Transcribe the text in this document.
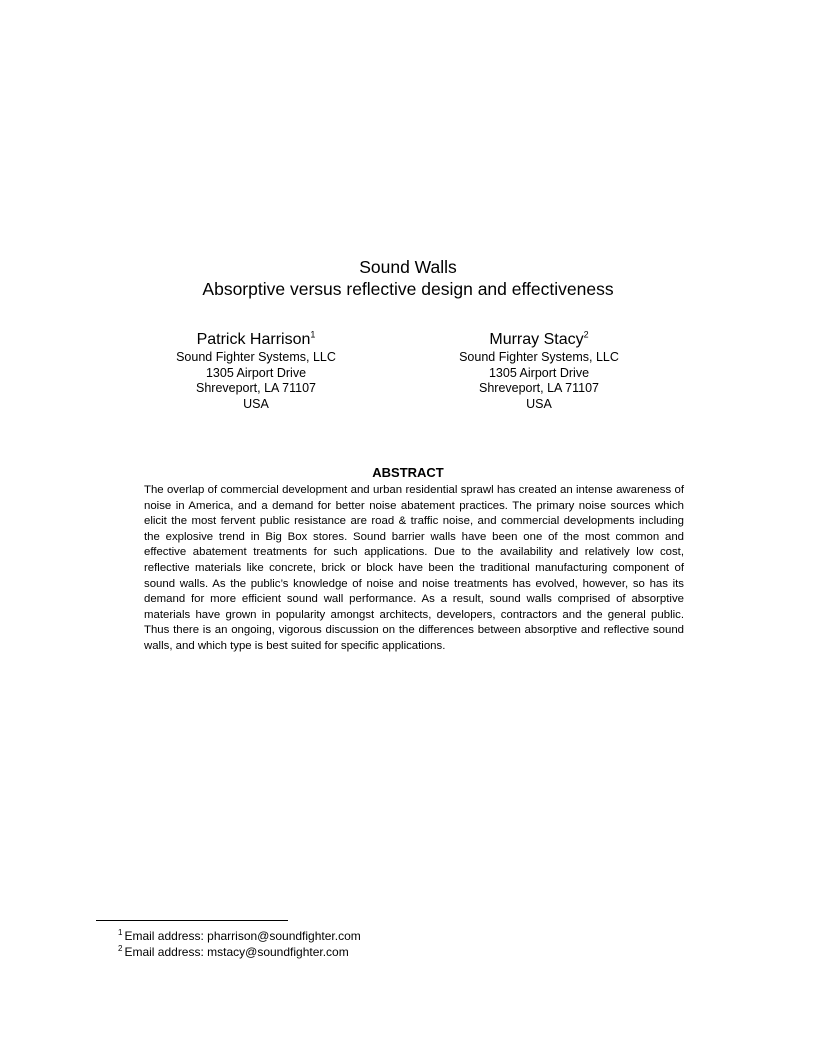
Sound Walls
Absorptive versus reflective design and effectiveness
Patrick Harrison$^1$
Sound Fighter Systems, LLC
1305 Airport Drive
Shreveport, LA 71107
USA
Murray Stacy$^2$
Sound Fighter Systems, LLC
1305 Airport Drive
Shreveport, LA 71107
USA
ABSTRACT
The overlap of commercial development and urban residential sprawl has created an intense awareness of noise in America, and a demand for better noise abatement practices. The primary noise sources which elicit the most fervent public resistance are road & traffic noise, and commercial developments including the explosive trend in Big Box stores. Sound barrier walls have been one of the most common and effective abatement treatments for such applications. Due to the availability and relatively low cost, reflective materials like concrete, brick or block have been the traditional manufacturing component of sound walls. As the public’s knowledge of noise and noise treatments has evolved, however, so has its demand for more efficient sound wall performance. As a result, sound walls comprised of absorptive materials have grown in popularity amongst architects, developers, contractors and the general public. Thus there is an ongoing, vigorous discussion on the differences between absorptive and reflective sound walls, and which type is best suited for specific applications.
$^1$ Email address: pharrison@soundfighter.com
$^2$ Email address: mstacy@soundfighter.com
